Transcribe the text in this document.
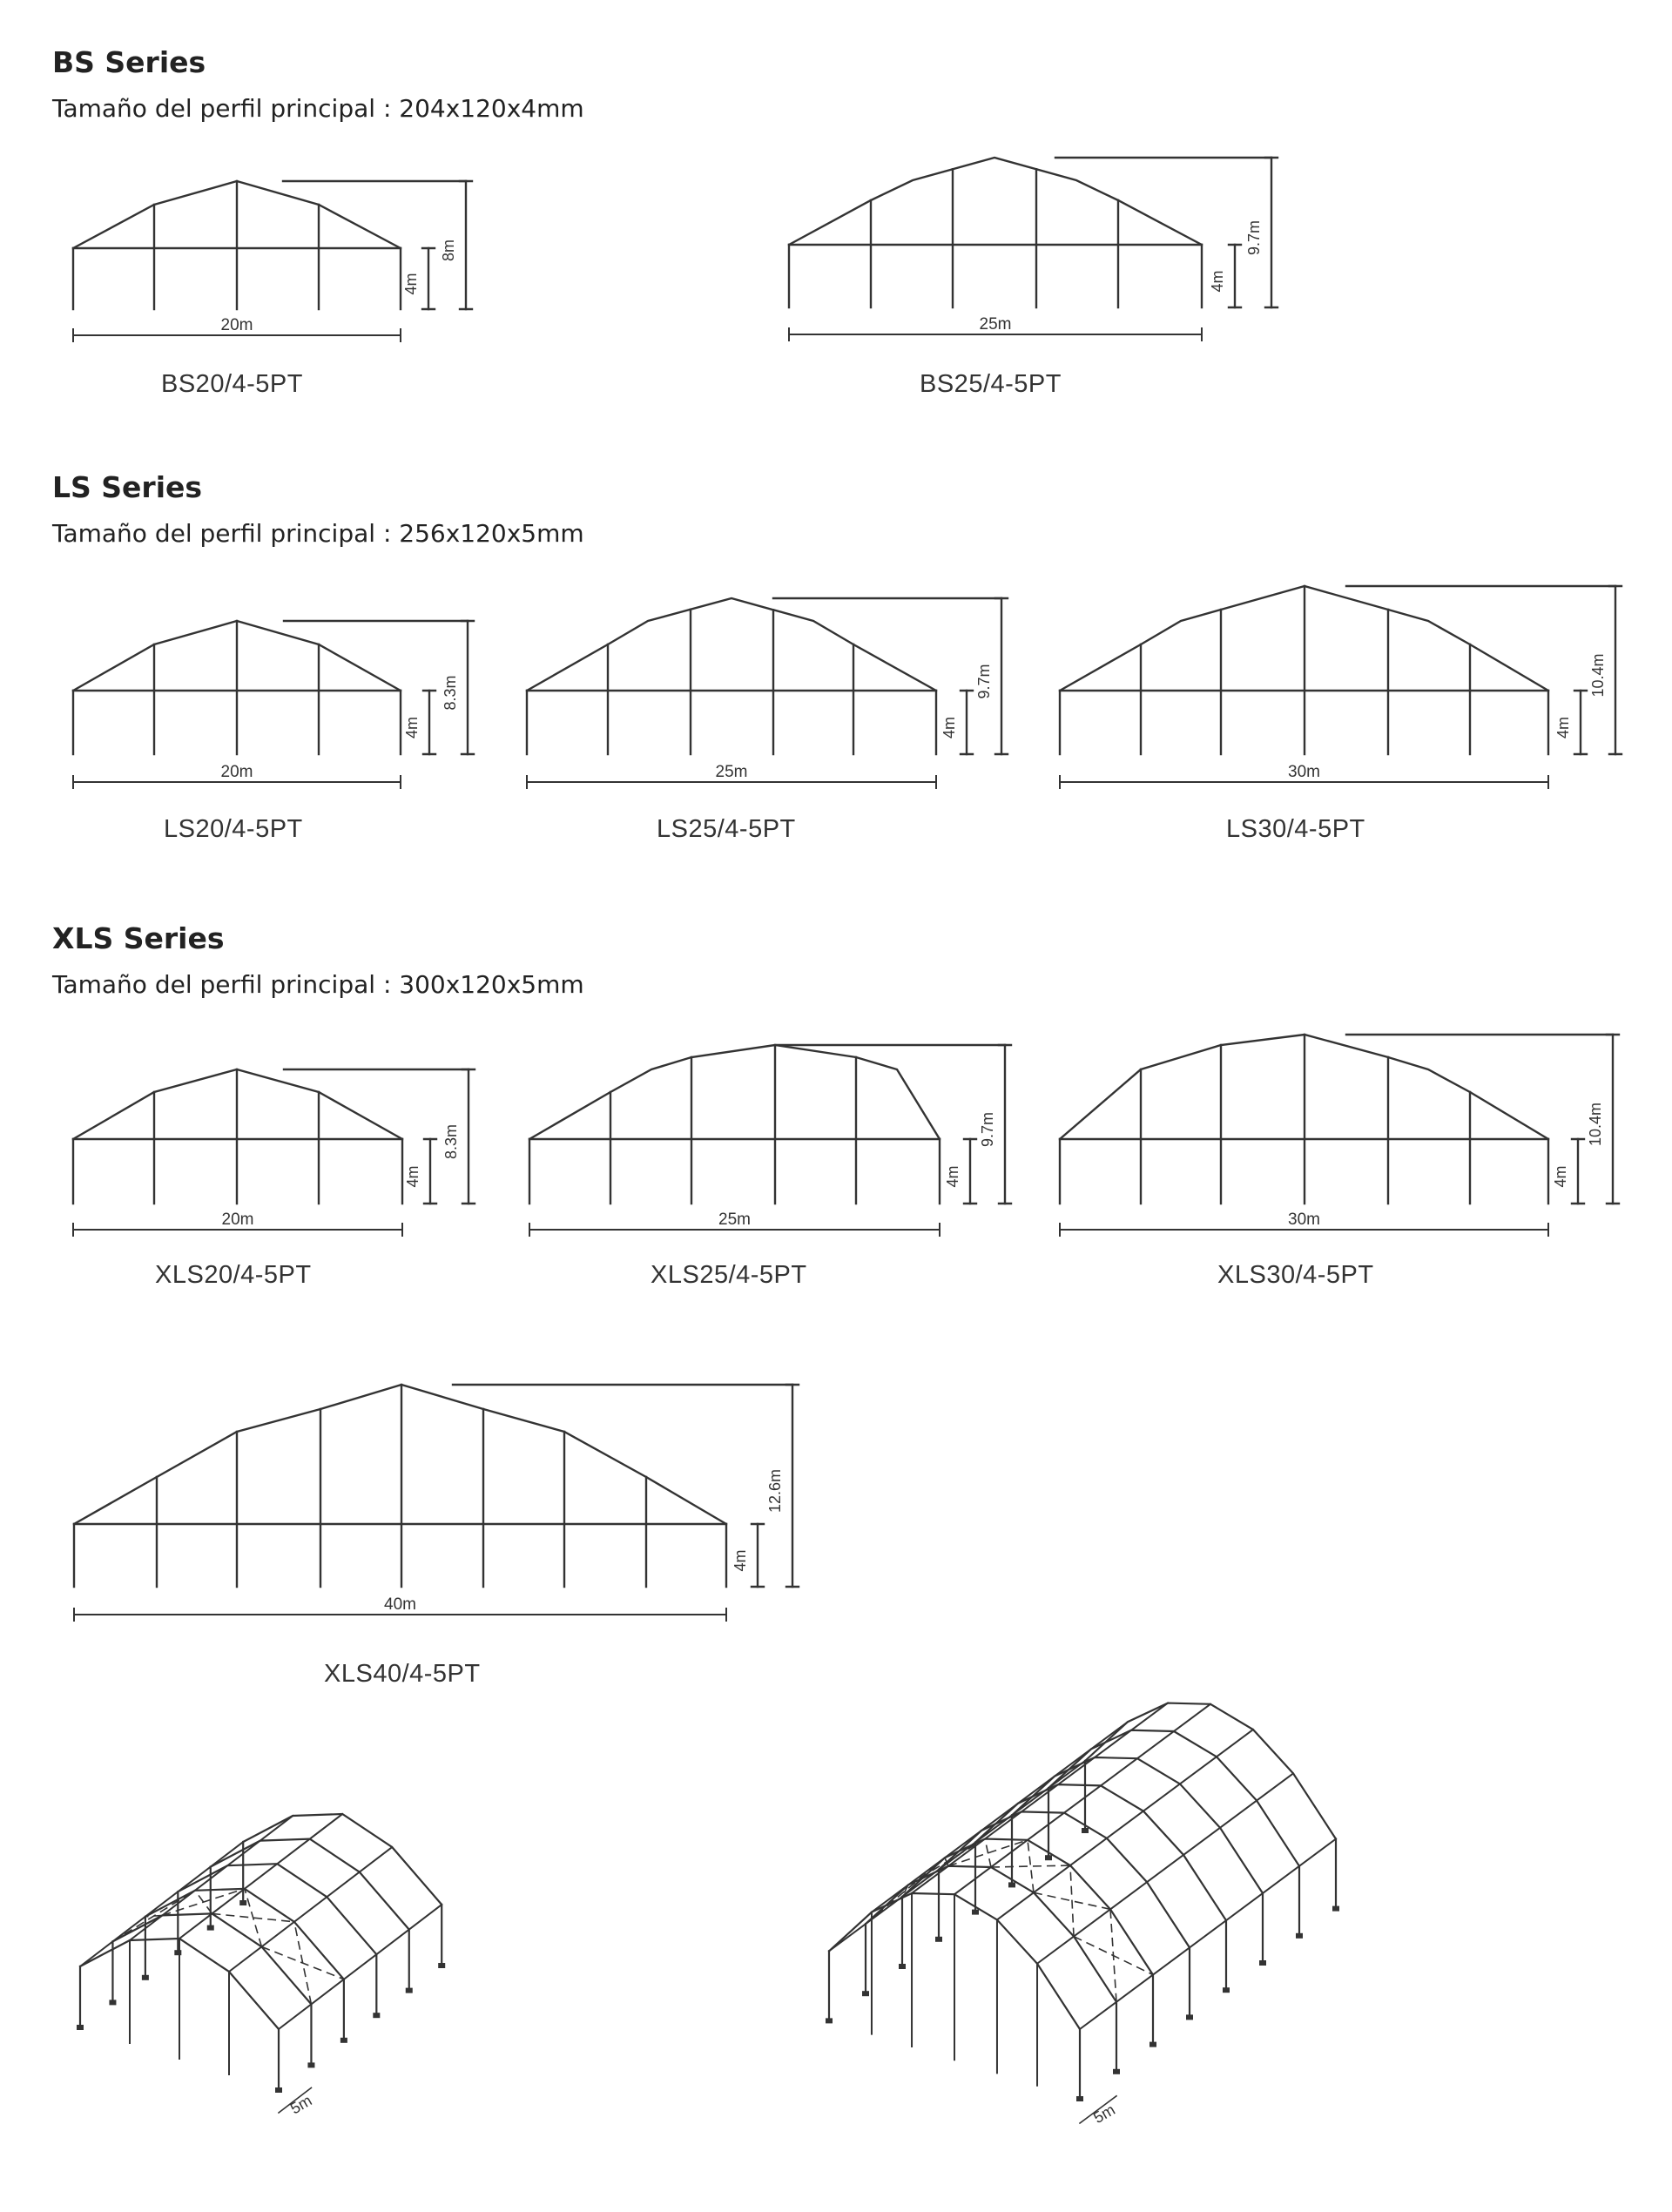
BS Series
Tamaño del perfil principal : 204x120x4mm
LS Series
Tamaño del perfil principal : 256x120x5mm
XLS Series
Tamaño del perfil principal : 300x120x5mm
BS20/4-5PT	BS25/4-5PT
LS20/4-5PT	LS25/4-5PT	LS30/4-5PT
XLS20/4-5PT	XLS25/4-5PT	XLS30/4-5PT
XLS40/4-5PT
4m
8m
20m
4m
9.7m
25m
4m
8.3m
20m
4m
9.7m
25m
4m
10.4m
30m
4m
8.3m
20m
4m
9.7m
25m
4m
10.4m
30m
4m
12.6m
40m
5m	5m
